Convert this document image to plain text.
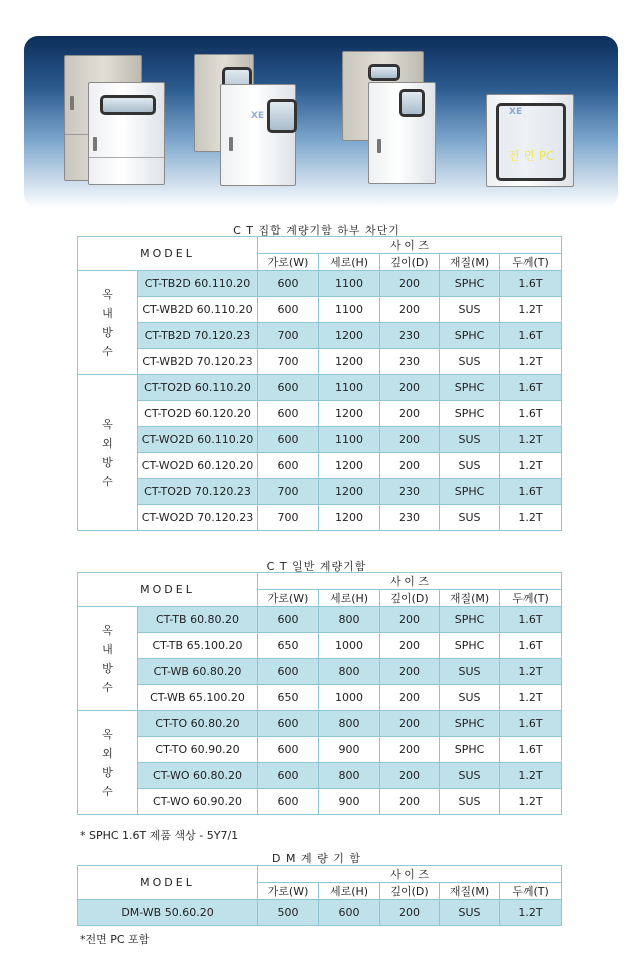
XE	XE
전 면 PC
C T 집합 계량기함 하부 차단기
MODEL		사 이 즈				
		가로(W)	세로(H)	깊이(D)	재질(M)	두께(T)

옥
내
방
수	CT-TB2D 60.110.20	600	1100	200	SPHC	1.6T
	CT-WB2D 60.110.20	600	1100	200	SUS	1.2T
	CT-TB2D 70.120.23	700	1200	230	SPHC	1.6T
	CT-WB2D 70.120.23	700	1200	230	SUS	1.2T

옥
외
방
수	CT-TO2D 60.110.20	600	1100	200	SPHC	1.6T
	CT-TO2D 60.120.20	600	1200	200	SPHC	1.6T
	CT-WO2D 60.110.20	600	1100	200	SUS	1.2T
	CT-WO2D 60.120.20	600	1200	200	SUS	1.2T
	CT-TO2D 70.120.23	700	1200	230	SPHC	1.6T
	CT-WO2D 70.120.23	700	1200	230	SUS	1.2T
C T 일반 계량기함
MODEL		사 이 즈				
		가로(W)	세로(H)	깊이(D)	재질(M)	두께(T)

옥
내
방
수	CT-TB 60.80.20	600	800	200	SPHC	1.6T
	CT-TB 65.100.20	650	1000	200	SPHC	1.6T
	CT-WB 60.80.20	600	800	200	SUS	1.2T
	CT-WB 65.100.20	650	1000	200	SUS	1.2T

옥
외
방
수	CT-TO 60.80.20	600	800	200	SPHC	1.6T
	CT-TO 60.90.20	600	900	200	SPHC	1.6T
	CT-WO 60.80.20	600	800	200	SUS	1.2T
	CT-WO 60.90.20	600	900	200	SUS	1.2T
* SPHC 1.6T 제품 색상 - 5Y7/1
D M 계 량 기 함
MODEL	사 이 즈				
	가로(W)	세로(H)	깊이(D)	재질(M)	두께(T)
DM-WB 50.60.20	500	600	200	SUS	1.2T
*전면 PC 포함
